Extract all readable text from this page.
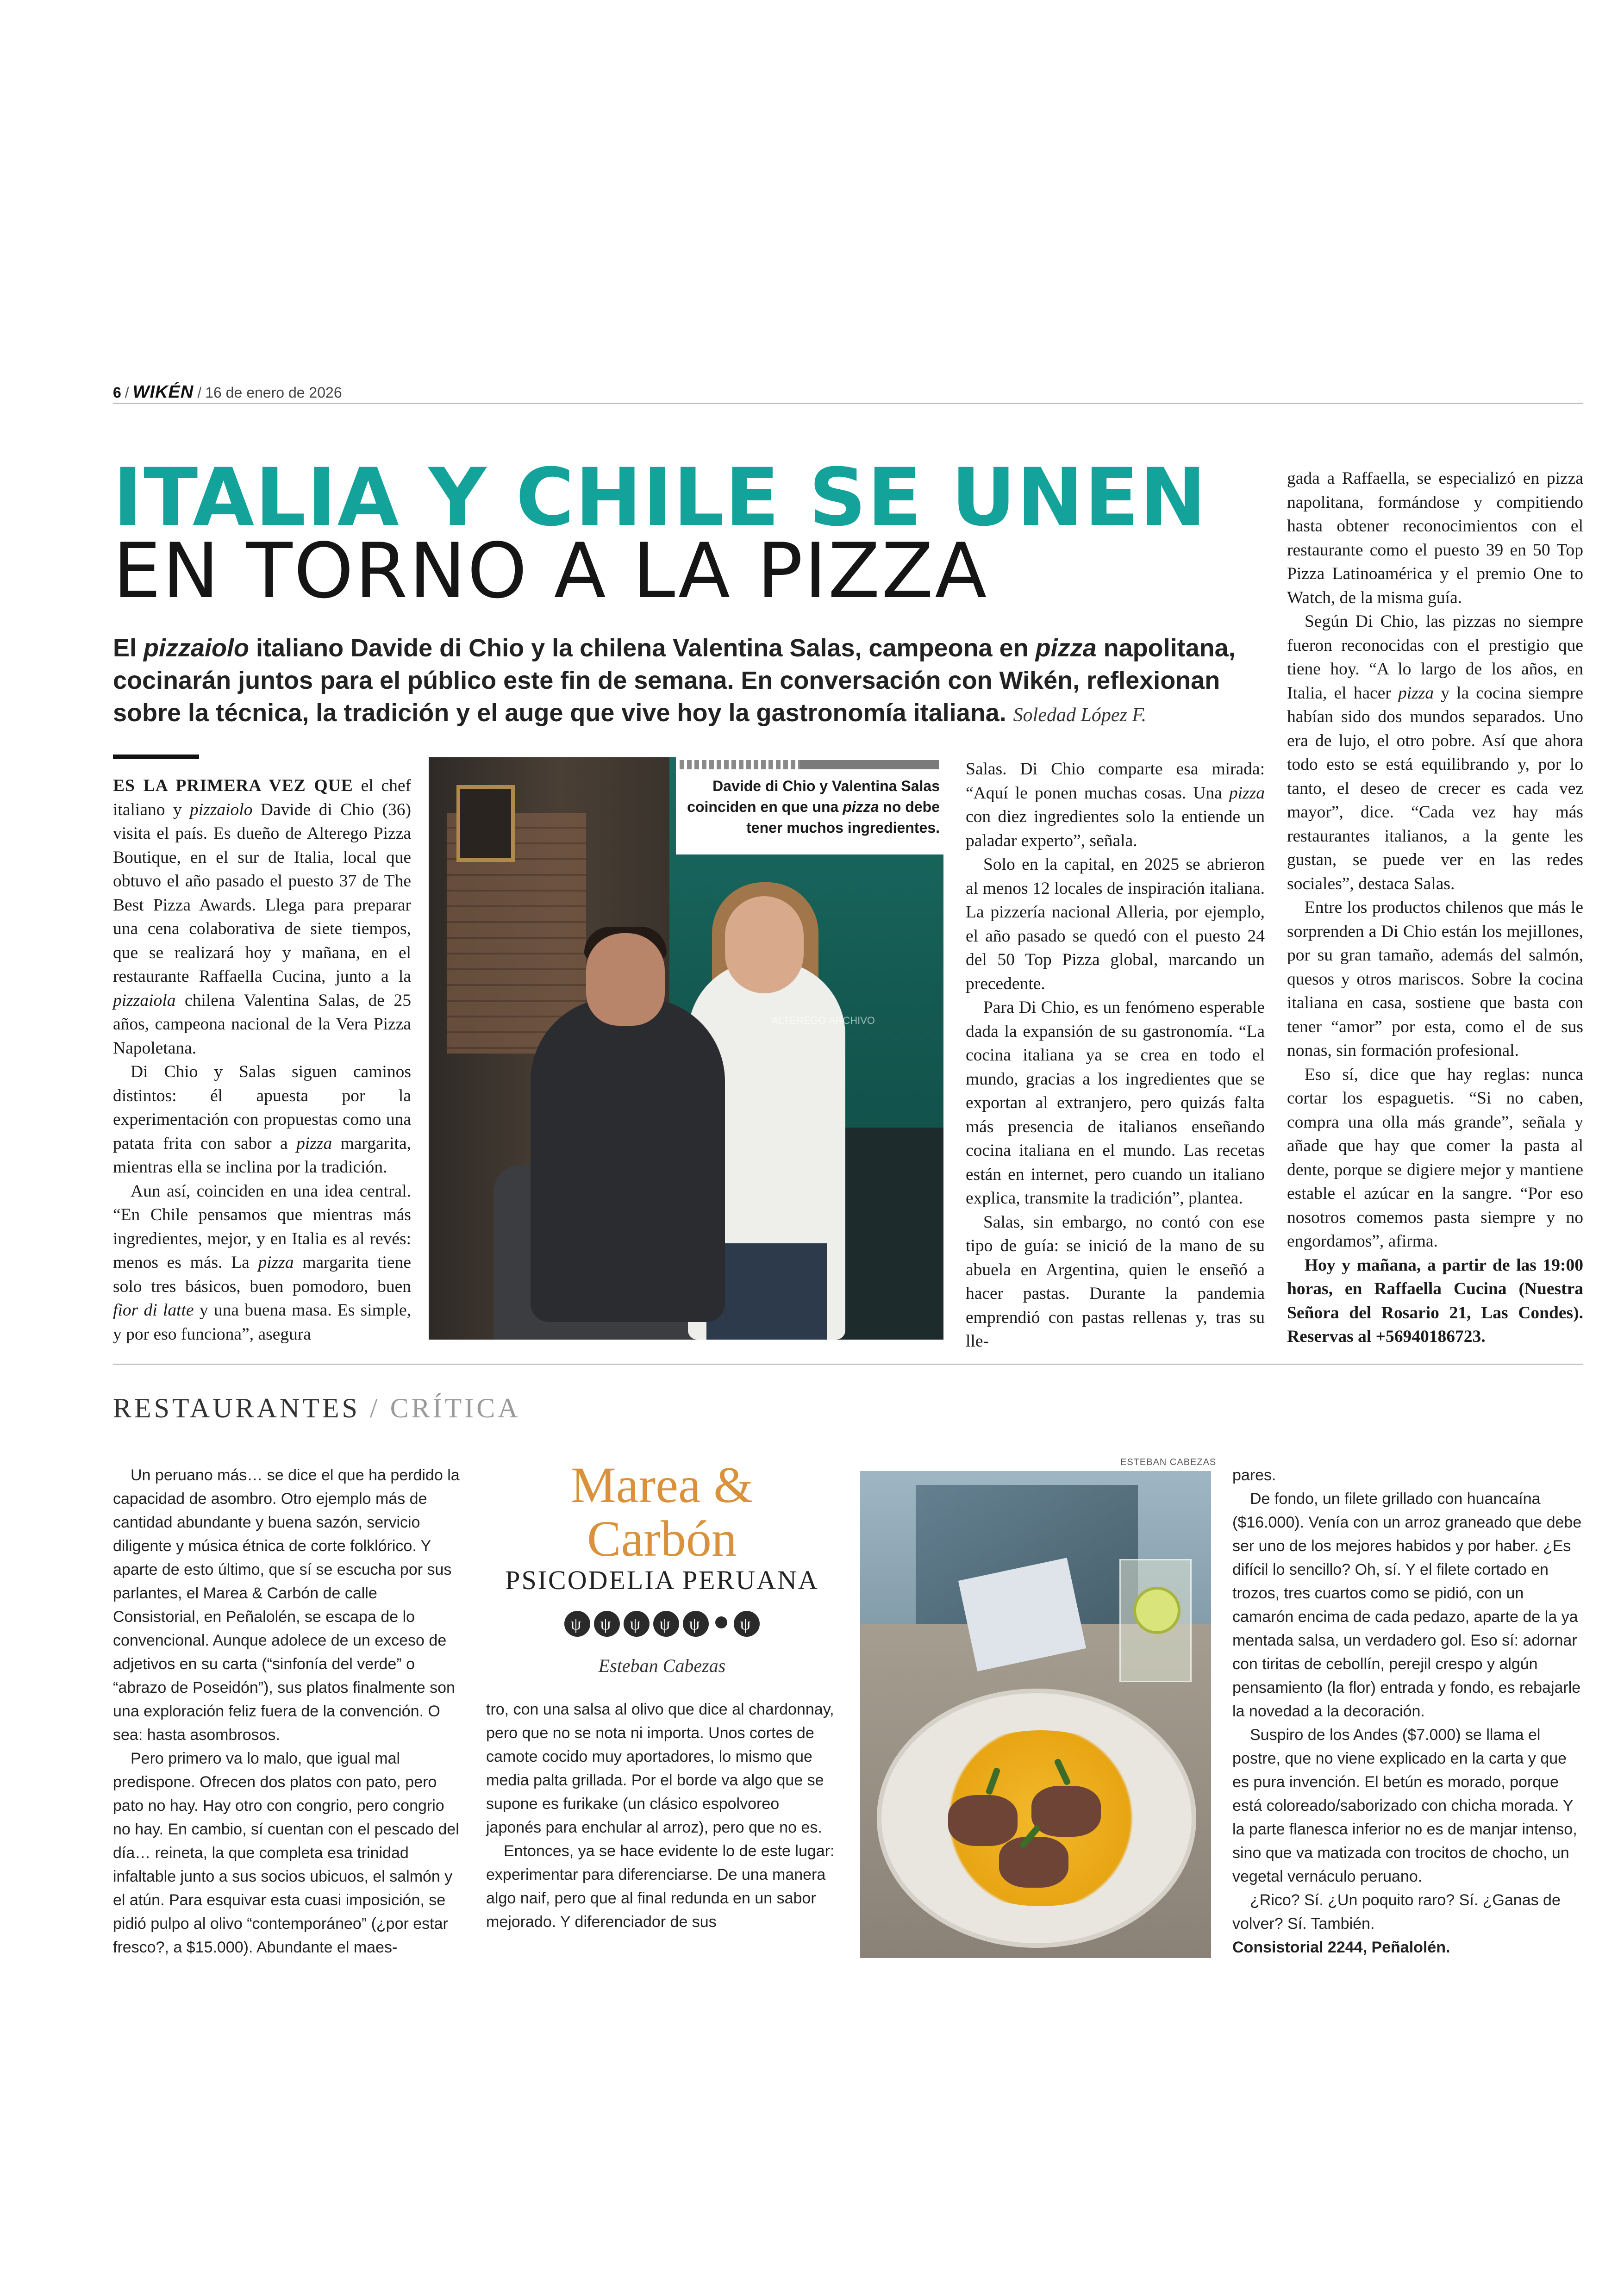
6 / WIKÉN / 16 de enero de 2026
ITALIA Y CHILE SE UNEN
EN TORNO A LA PIZZA
El pizzaiolo italiano Davide di Chio y la chilena Valentina Salas, campeona en pizza napolitana, cocinarán juntos para el público este fin de semana. En conversación con Wikén, reflexionan sobre la técnica, la tradición y el auge que vive hoy la gastronomía italiana. Soledad López F.

ES LA PRIMERA VEZ QUE el chef italiano y pizzaiolo Davide di Chio (36) visita el país. Es dueño de Alterego Pizza Boutique, en el sur de Italia, local que obtuvo el año pasado el puesto 37 de The Best Pizza Awards. Llega para preparar una cena colaborativa de siete tiempos, que se realizará hoy y mañana, en el restaurante Raffaella Cucina, junto a la pizzaiola chilena Valentina Salas, de 25 años, campeona nacional de la Vera Pizza Napoletana.

Di Chio y Salas siguen caminos distintos: él apuesta por la experimentación con propuestas como una patata frita con sabor a pizza margarita, mientras ella se inclina por la tradición.

Aun así, coinciden en una idea central. “En Chile pensamos que mientras más ingredientes, mejor, y en Italia es al revés: menos es más. La pizza margarita tiene solo tres básicos, buen pomodoro, buen fior di latte y una buena masa. Es simple, y por eso funciona”, asegura

ALTEREGO ARCHIVO
Davide di Chio y Valentina Salas coinciden en que una pizza no debe tener muchos ingredientes.

Salas. Di Chio comparte esa mirada: “Aquí le ponen muchas cosas. Una pizza con diez ingredientes solo la entiende un paladar experto”, señala.

Solo en la capital, en 2025 se abrieron al menos 12 locales de inspiración italiana. La pizzería nacional Alleria, por ejemplo, el año pasado se quedó con el puesto 24 del 50 Top Pizza global, marcando un precedente.

Para Di Chio, es un fenómeno esperable dada la expansión de su gastronomía. “La cocina italiana ya se crea en todo el mundo, gracias a los ingredientes que se exportan al extranjero, pero quizás falta más presencia de italianos enseñando cocina italiana en el mundo. Las recetas están en internet, pero cuando un italiano explica, transmite la tradición”, plantea.

Salas, sin embargo, no contó con ese tipo de guía: se inició de la mano de su abuela en Argentina, quien le enseñó a hacer pastas. Durante la pandemia emprendió con pastas rellenas y, tras su lle-

gada a Raffaella, se especializó en pizza napolitana, formándose y compitiendo hasta obtener reconocimientos con el restaurante como el puesto 39 en 50 Top Pizza Latinoamérica y el premio One to Watch, de la misma guía.

Según Di Chio, las pizzas no siempre fueron reconocidas con el prestigio que tiene hoy. “A lo largo de los años, en Italia, el hacer pizza y la cocina siempre habían sido dos mundos separados. Uno era de lujo, el otro pobre. Así que ahora todo esto se está equilibrando y, por lo tanto, el deseo de crecer es cada vez mayor”, dice. “Cada vez hay más restaurantes italianos, a la gente les gustan, se puede ver en las redes sociales”, destaca Salas.

Entre los productos chilenos que más le sorprenden a Di Chio están los mejillones, por su gran tamaño, además del salmón, quesos y otros mariscos. Sobre la cocina italiana en casa, sostiene que basta con tener “amor” por esta, como el de sus nonas, sin formación profesional.

Eso sí, dice que hay reglas: nunca cortar los espaguetis. “Si no caben, compra una olla más grande”, señala y añade que hay que comer la pasta al dente, porque se digiere mejor y mantiene estable el azúcar en la sangre. “Por eso nosotros comemos pasta siempre y no engordamos”, afirma.

Hoy y mañana, a partir de las 19:00 horas, en Raffaella Cucina (Nuestra Señora del Rosario 21, Las Condes). Reservas al +56940186723.

RESTAURANTES / CRÍTICA

Un peruano más… se dice el que ha perdido la capacidad de asombro. Otro ejemplo más de cantidad abundante y buena sazón, servicio diligente y música étnica de corte folklórico. Y aparte de esto último, que sí se escucha por sus parlantes, el Marea & Carbón de calle Consistorial, en Peñalolén, se escapa de lo convencional. Aunque adolece de un exceso de adjetivos en su carta (“sinfonía del verde” o “abrazo de Poseidón”), sus platos finalmente son una exploración feliz fuera de la convención. O sea: hasta asombrosos.

Pero primero va lo malo, que igual mal predispone. Ofrecen dos platos con pato, pero pato no hay. Hay otro con congrio, pero congrio no hay. En cambio, sí cuentan con el pescado del día… reineta, la que completa esa trinidad infaltable junto a sus socios ubicuos, el salmón y el atún. Para esquivar esta cuasi imposición, se pidió pulpo al olivo “contemporáneo” (¿por estar fresco?, a $15.000). Abundante el maes-

Marea & Carbón
PSICODELIA PERUANA
ψ ψ ψ ψ ψ ψ
Esteban Cabezas

tro, con una salsa al olivo que dice al chardonnay, pero que no se nota ni importa. Unos cortes de camote cocido muy aportadores, lo mismo que media palta grillada. Por el borde va algo que se supone es furikake (un clásico espolvoreo japonés para enchular al arroz), pero que no es.

Entonces, ya se hace evidente lo de este lugar: experimentar para diferenciarse. De una manera algo naif, pero que al final redunda en un sabor mejorado. Y diferenciador de sus

ESTEBAN CABEZAS

pares.

De fondo, un filete grillado con huancaína ($16.000). Venía con un arroz graneado que debe ser uno de los mejores habidos y por haber. ¿Es difícil lo sencillo? Oh, sí. Y el filete cortado en trozos, tres cuartos como se pidió, con un camarón encima de cada pedazo, aparte de la ya mentada salsa, un verdadero gol. Eso sí: adornar con tiritas de cebollín, perejil crespo y algún pensamiento (la flor) entrada y fondo, es rebajarle la novedad a la decoración.

Suspiro de los Andes ($7.000) se llama el postre, que no viene explicado en la carta y que es pura invención. El betún es morado, porque está coloreado/saborizado con chicha morada. Y la parte flanesca inferior no es de manjar intenso, sino que va matizada con trocitos de chocho, un vegetal vernáculo peruano.

¿Rico? Sí. ¿Un poquito raro? Sí. ¿Ganas de volver? Sí. También.

Consistorial 2244, Peñalolén.
